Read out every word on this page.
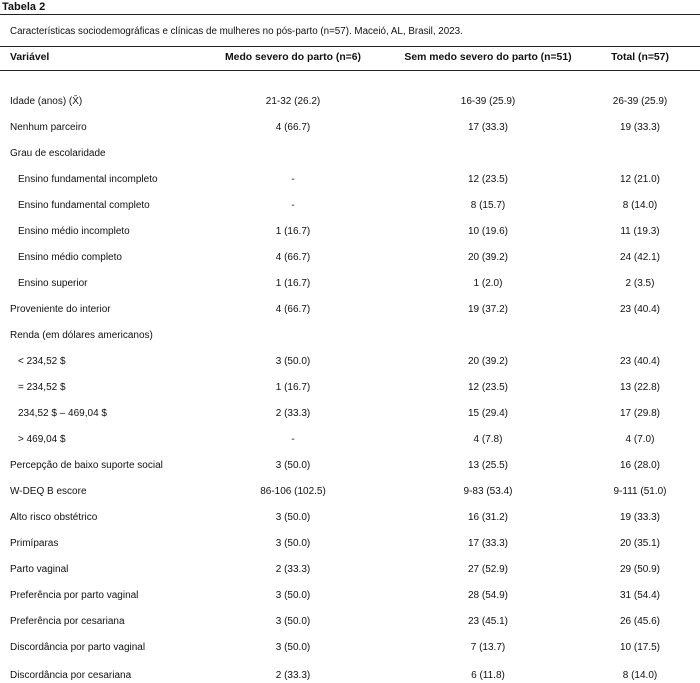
Tabela 2
Características sociodemográficas e clínicas de mulheres no pós-parto (n=57). Maceió, AL, Brasil, 2023.
Variável	Medo severo do parto (n=6)	Sem medo severo do parto (n=51)	Total (n=57)
Idade (anos) (X̄)	21-32 (26.2)	16-39 (25.9)	26-39 (25.9)
Nenhum parceiro	4 (66.7)	17 (33.3)	19 (33.3)
Grau de escolaridade
Ensino fundamental incompleto	-	12 (23.5)	12 (21.0)
Ensino fundamental completo	-	8 (15.7)	8 (14.0)
Ensino médio incompleto	1 (16.7)	10 (19.6)	11 (19.3)
Ensino médio completo	4 (66.7)	20 (39.2)	24 (42.1)
Ensino superior	1 (16.7)	1 (2.0)	2 (3.5)
Proveniente do interior	4 (66.7)	19 (37.2)	23 (40.4)
Renda (em dólares americanos)
< 234,52 $	3 (50.0)	20 (39.2)	23 (40.4)
= 234,52 $	1 (16.7)	12 (23.5)	13 (22.8)
234,52 $ – 469,04 $	2 (33.3)	15 (29.4)	17 (29.8)
> 469,04 $	-	4 (7.8)	4 (7.0)
Percepção de baixo suporte social	3 (50.0)	13 (25.5)	16 (28.0)
W-DEQ B escore	86-106 (102.5)	9-83 (53.4)	9-111 (51.0)
Alto risco obstétrico	3 (50.0)	16 (31.2)	19 (33.3)
Primíparas	3 (50.0)	17 (33.3)	20 (35.1)
Parto vaginal	2 (33.3)	27 (52.9)	29 (50.9)
Preferência por parto vaginal	3 (50.0)	28 (54.9)	31 (54.4)
Preferência por cesariana	3 (50.0)	23 (45.1)	26 (45.6)
Discordância por parto vaginal	3 (50.0)	7 (13.7)	10 (17.5)
Discordância por cesariana	2 (33.3)	6 (11.8)	8 (14.0)
